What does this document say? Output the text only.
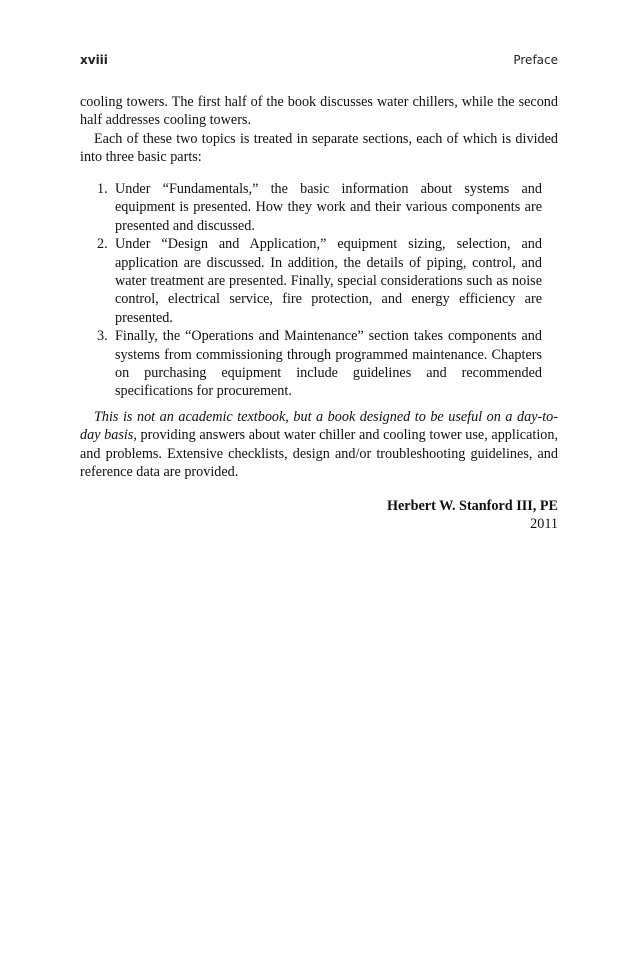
xviii	Preface
cooling towers. The first half of the book discusses water chillers, while the second half addresses cooling towers.
Each of these two topics is treated in separate sections, each of which is divided into three basic parts:
1. Under “Fundamentals,” the basic information about systems and equipment is presented. How they work and their various components are presented and discussed.
2. Under “Design and Application,” equipment sizing, selection, and application are discussed. In addition, the details of piping, control, and water treatment are presented. Finally, special considerations such as noise control, electrical service, fire protection, and energy efficiency are presented.
3. Finally, the “Operations and Maintenance” section takes components and systems from commissioning through programmed maintenance. Chapters on purchasing equipment include guidelines and recommended specifications for procurement.
This is not an academic textbook, but a book designed to be useful on a day-to-day basis, providing answers about water chiller and cooling tower use, application, and problems. Extensive checklists, design and/or troubleshooting guidelines, and reference data are provided.
Herbert W. Stanford III, PE
2011
